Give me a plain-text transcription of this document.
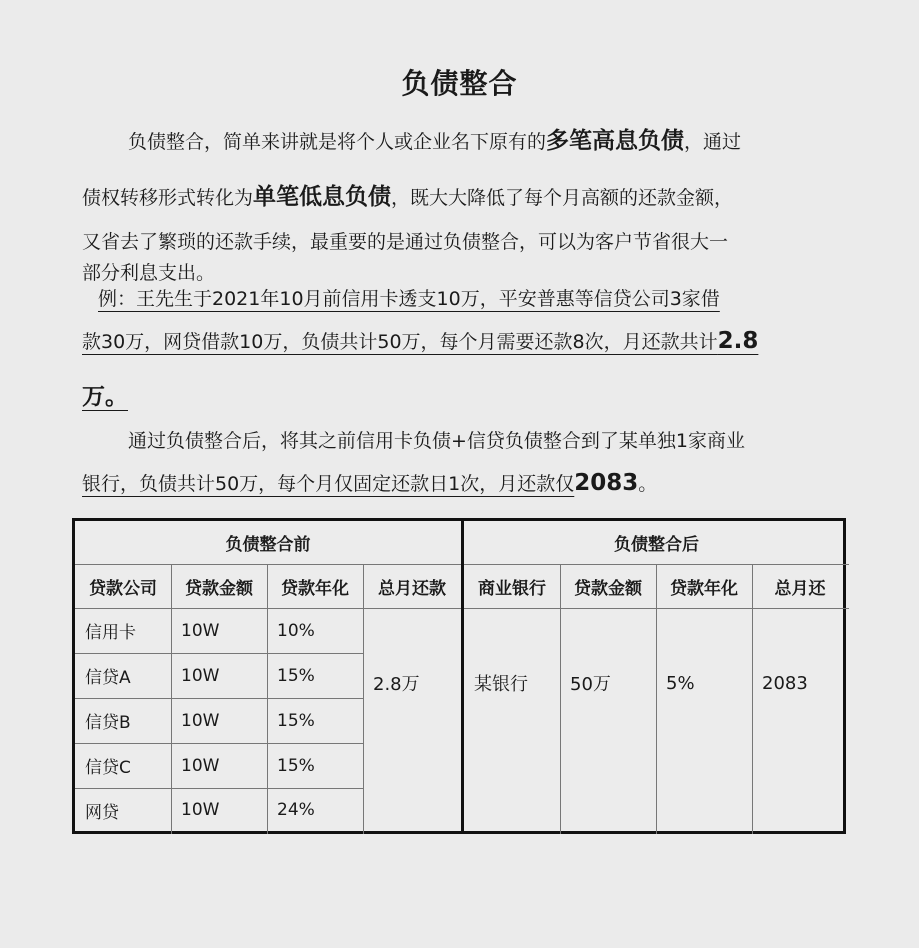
负债整合
负债整合，简单来讲就是将个人或企业名下原有的多笔高息负债，通过
债权转移形式转化为单笔低息负债，既大大降低了每个月高额的还款金额，
又省去了繁琐的还款手续，最重要的是通过负债整合，可以为客户节省很大一
部分利息支出。
例：王先生于2021年10月前信用卡透支10万，平安普惠等信贷公司3家借
款30万，网贷借款10万，负债共计50万，每个月需要还款8次，月还款共计2.8
万。
通过负债整合后，将其之前信用卡负债+信贷负债整合到了某单独1家商业
银行，负债共计50万，每个月仅固定还款日1次，月还款仅2083。
负债整合前
贷款公司	贷款金额	贷款年化	总月还款
信用卡	10W	10%
信贷A	10W	15%
信贷B	10W	15%
信贷C	10W	15%
网贷	10W	24%
2.8万
负债整合后
商业银行	贷款金额	贷款年化	总月还
某银行	50万	5%	2083
